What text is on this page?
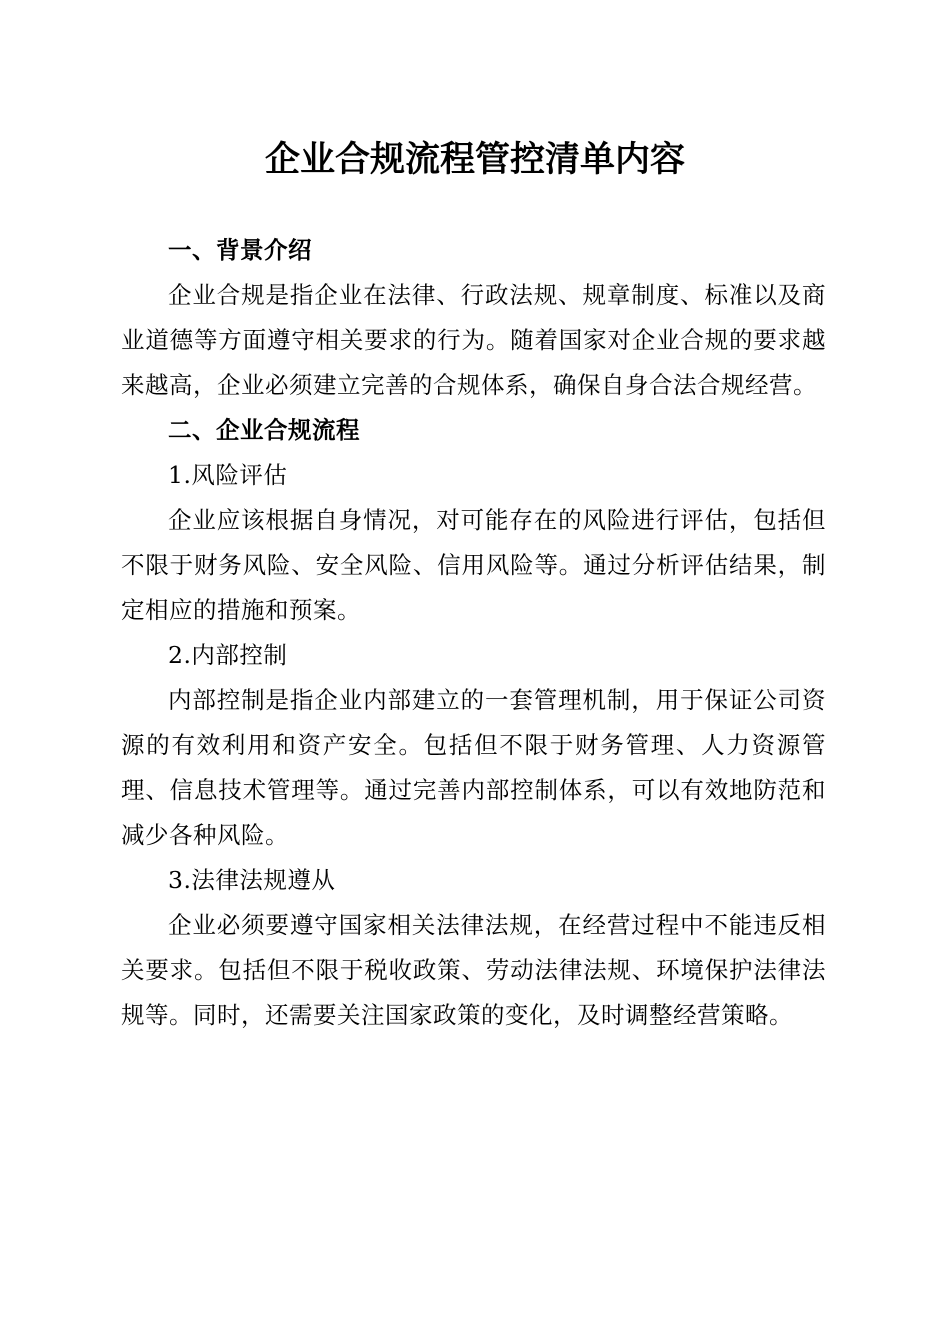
企业合规流程管控清单内容

一、背景介绍

企业合规是指企业在法律、行政法规、规章制度、标准以及商业道德等方面遵守相关要求的行为。随着国家对企业合规的要求越来越高，企业必须建立完善的合规体系，确保自身合法合规经营。

二、企业合规流程

1.风险评估

企业应该根据自身情况，对可能存在的风险进行评估，包括但不限于财务风险、安全风险、信用风险等。通过分析评估结果，制定相应的措施和预案。

2.内部控制

内部控制是指企业内部建立的一套管理机制，用于保证公司资源的有效利用和资产安全。包括但不限于财务管理、人力资源管理、信息技术管理等。通过完善内部控制体系，可以有效地防范和减少各种风险。

3.法律法规遵从

企业必须要遵守国家相关法律法规，在经营过程中不能违反相关要求。包括但不限于税收政策、劳动法律法规、环境保护法律法规等。同时，还需要关注国家政策的变化，及时调整经营策略。
